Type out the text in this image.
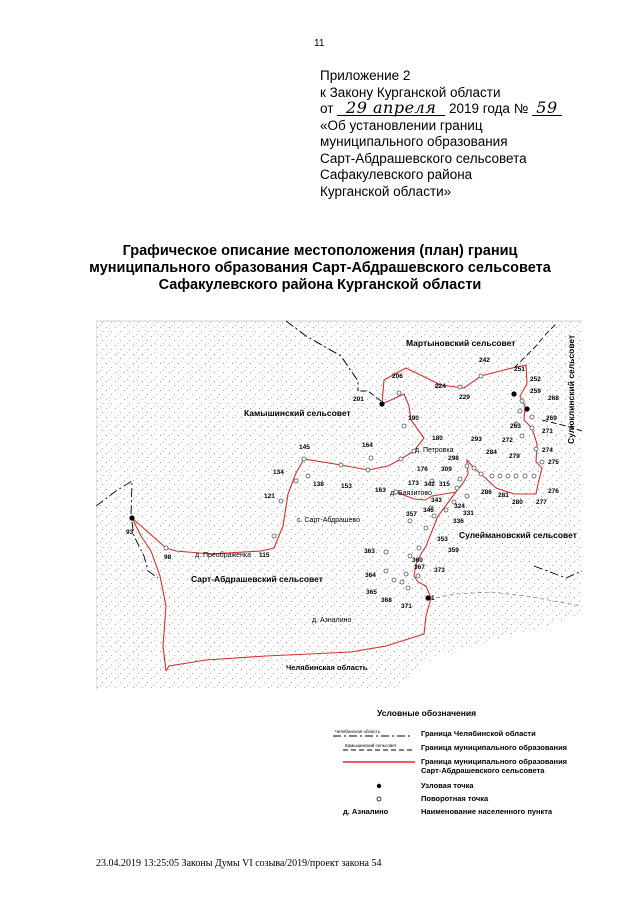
11
Приложение 2
к Закону Курганской области
от 29 апреля 2019 года № 59
«Об установлении границ
муниципального образования
Сарт-Абдрашевского сельсовета
Сафакулевского района
Курганской области»
Графическое описание местоположения (план) границ
муниципального образования Сарт-Абдрашевского сельсовета
Сафакулевского района Курганской области
Мартыновский сельсовет
Камышинский сельсовет	Сулюклинский сельсовет
Сулеймановский сельсовет
Сарт-Абдрашевский сельсовет
Челябинская область
д. Петровка
д. Баязитово
с. Сарт-Абдрашево
д. Преображенка
д. Азналино
1
93
98	115
121
134
138
145
153
163
164
173
176
180
190
201
206
224
229
242
251
252
259
263
268
269
271
272
274
275
276
277
279
280
281
284
286
293
298
309
315
324
331
336
342
343
345
353
357
359
360
363
364
365
367
368
371
373
Условные обозначения
Челябинская область	Граница Челябинской области
Камышинский сельсовет	Граница муниципального образования
Граница муниципального образования
Сарт-Абдрашевского сельсовета
Узловая точка
Поворотная точка
д. Азналино	Наименование населенного пункта
23.04.2019 13:25:05 Законы Думы VI созыва/2019/проект закона 54
